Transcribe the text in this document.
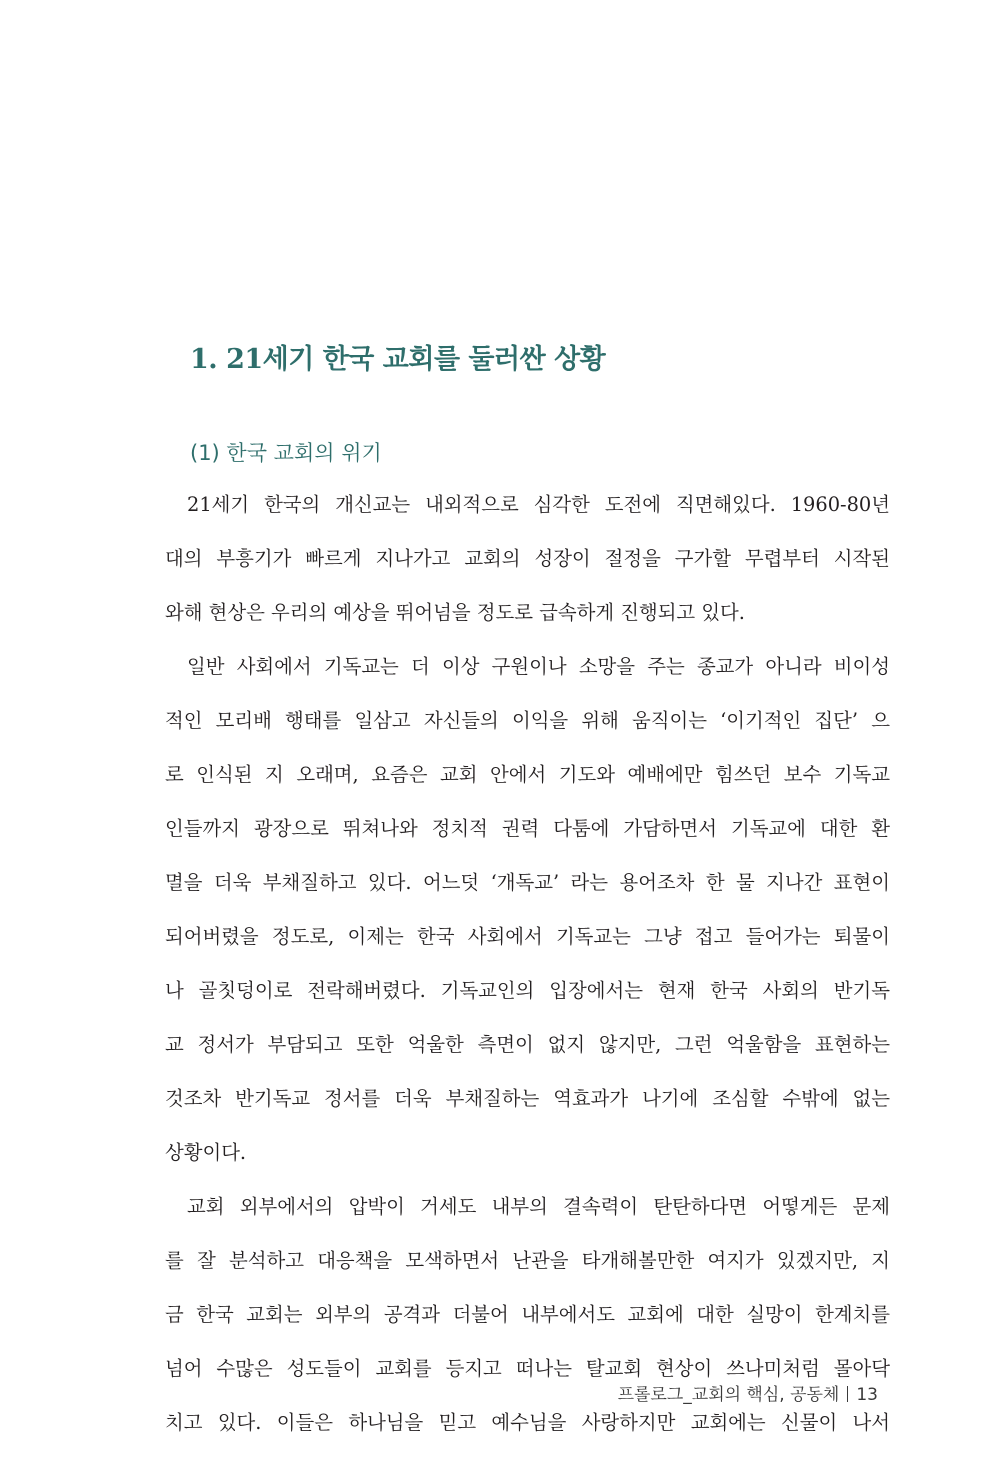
1. 21세기 한국 교회를 둘러싼 상황
(1) 한국 교회의 위기
21세기 한국의 개신교는 내외적으로 심각한 도전에 직면해있다. 1960-80년
대의 부흥기가 빠르게 지나가고 교회의 성장이 절정을 구가할 무렵부터 시작된
와해 현상은 우리의 예상을 뛰어넘을 정도로 급속하게 진행되고 있다.
일반 사회에서 기독교는 더 이상 구원이나 소망을 주는 종교가 아니라 비이성
적인 모리배 행태를 일삼고 자신들의 이익을 위해 움직이는 ‘이기적인 집단’ 으
로 인식된 지 오래며, 요즘은 교회 안에서 기도와 예배에만 힘쓰던 보수 기독교
인들까지 광장으로 뛰쳐나와 정치적 권력 다툼에 가담하면서 기독교에 대한 환
멸을 더욱 부채질하고 있다. 어느덧 ‘개독교’ 라는 용어조차 한 물 지나간 표현이
되어버렸을 정도로, 이제는 한국 사회에서 기독교는 그냥 접고 들어가는 퇴물이
나 골칫덩이로 전락해버렸다. 기독교인의 입장에서는 현재 한국 사회의 반기독
교 정서가 부담되고 또한 억울한 측면이 없지 않지만, 그런 억울함을 표현하는
것조차 반기독교 정서를 더욱 부채질하는 역효과가 나기에 조심할 수밖에 없는
상황이다.
교회 외부에서의 압박이 거세도 내부의 결속력이 탄탄하다면 어떻게든 문제
를 잘 분석하고 대응책을 모색하면서 난관을 타개해볼만한 여지가 있겠지만, 지
금 한국 교회는 외부의 공격과 더불어 내부에서도 교회에 대한 실망이 한계치를
넘어 수많은 성도들이 교회를 등지고 떠나는 탈교회 현상이 쓰나미처럼 몰아닥
치고 있다. 이들은 하나님을 믿고 예수님을 사랑하지만 교회에는 신물이 나서
프롤로그_교회의 핵심, 공동체 13
